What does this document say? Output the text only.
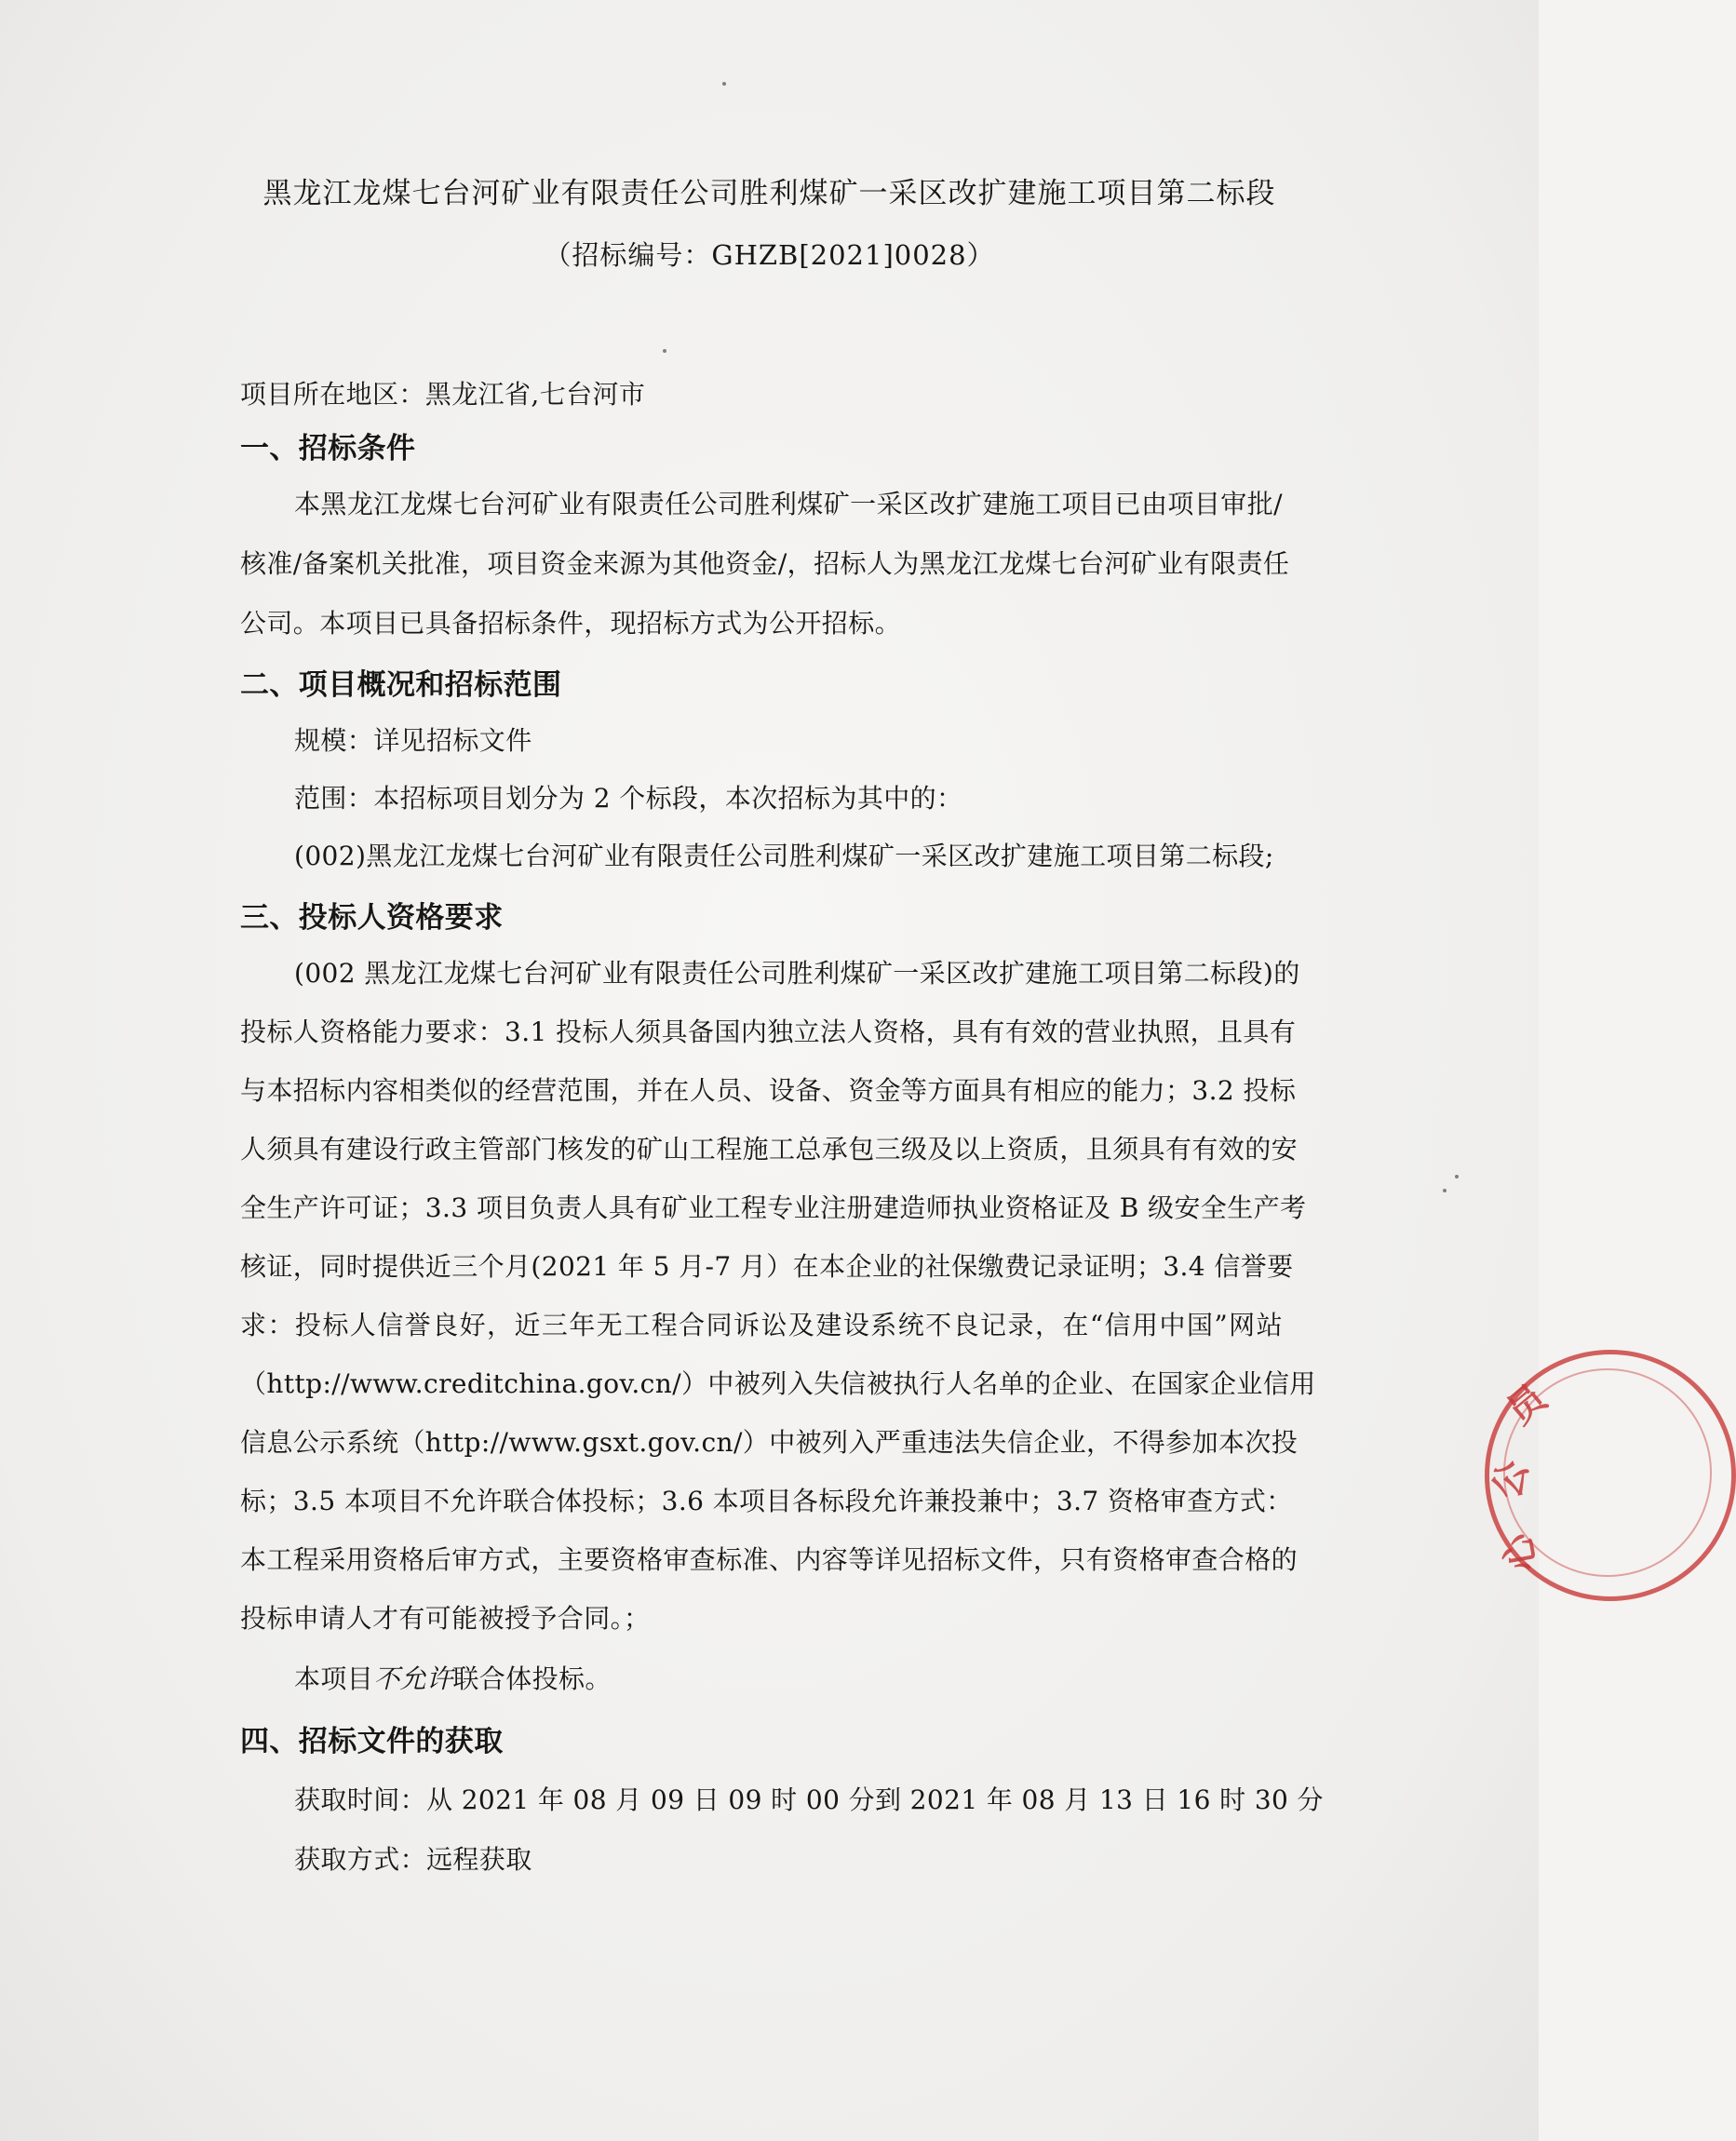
黑龙江龙煤七台河矿业有限责任公司胜利煤矿一采区改扩建施工项目第二标段
（招标编号：GHZB[2021]0028）
项目所在地区：黑龙江省,七台河市
一、招标条件
本黑龙江龙煤七台河矿业有限责任公司胜利煤矿一采区改扩建施工项目已由项目审批/
核准/备案机关批准，项目资金来源为其他资金/，招标人为黑龙江龙煤七台河矿业有限责任
公司。本项目已具备招标条件，现招标方式为公开招标。
二、项目概况和招标范围
规模：详见招标文件
范围：本招标项目划分为 2 个标段，本次招标为其中的：
(002)黑龙江龙煤七台河矿业有限责任公司胜利煤矿一采区改扩建施工项目第二标段;
三、投标人资格要求
(002 黑龙江龙煤七台河矿业有限责任公司胜利煤矿一采区改扩建施工项目第二标段)的
投标人资格能力要求：3.1 投标人须具备国内独立法人资格，具有有效的营业执照，且具有
与本招标内容相类似的经营范围，并在人员、设备、资金等方面具有相应的能力；3.2 投标
人须具有建设行政主管部门核发的矿山工程施工总承包三级及以上资质，且须具有有效的安
全生产许可证；3.3 项目负责人具有矿业工程专业注册建造师执业资格证及 B 级安全生产考
核证，同时提供近三个月(2021 年 5 月-7 月）在本企业的社保缴费记录证明；3.4 信誉要
求：投标人信誉良好，近三年无工程合同诉讼及建设系统不良记录，在“信用中国”网站
（http://www.creditchina.gov.cn/）中被列入失信被执行人名单的企业、在国家企业信用
信息公示系统（http://www.gsxt.gov.cn/）中被列入严重违法失信企业，不得参加本次投
标；3.5 本项目不允许联合体投标；3.6 本项目各标段允许兼投兼中；3.7 资格审查方式：
本工程采用资格后审方式，主要资格审查标准、内容等详见招标文件，只有资格审查合格的
投标申请人才有可能被授予合同。；
本项目不允许联合体投标。
四、招标文件的获取
获取时间：从 2021 年 08 月 09 日 09 时 00 分到 2021 年 08 月 13 日 16 时 30 分
获取方式：远程获取
员
公
心
